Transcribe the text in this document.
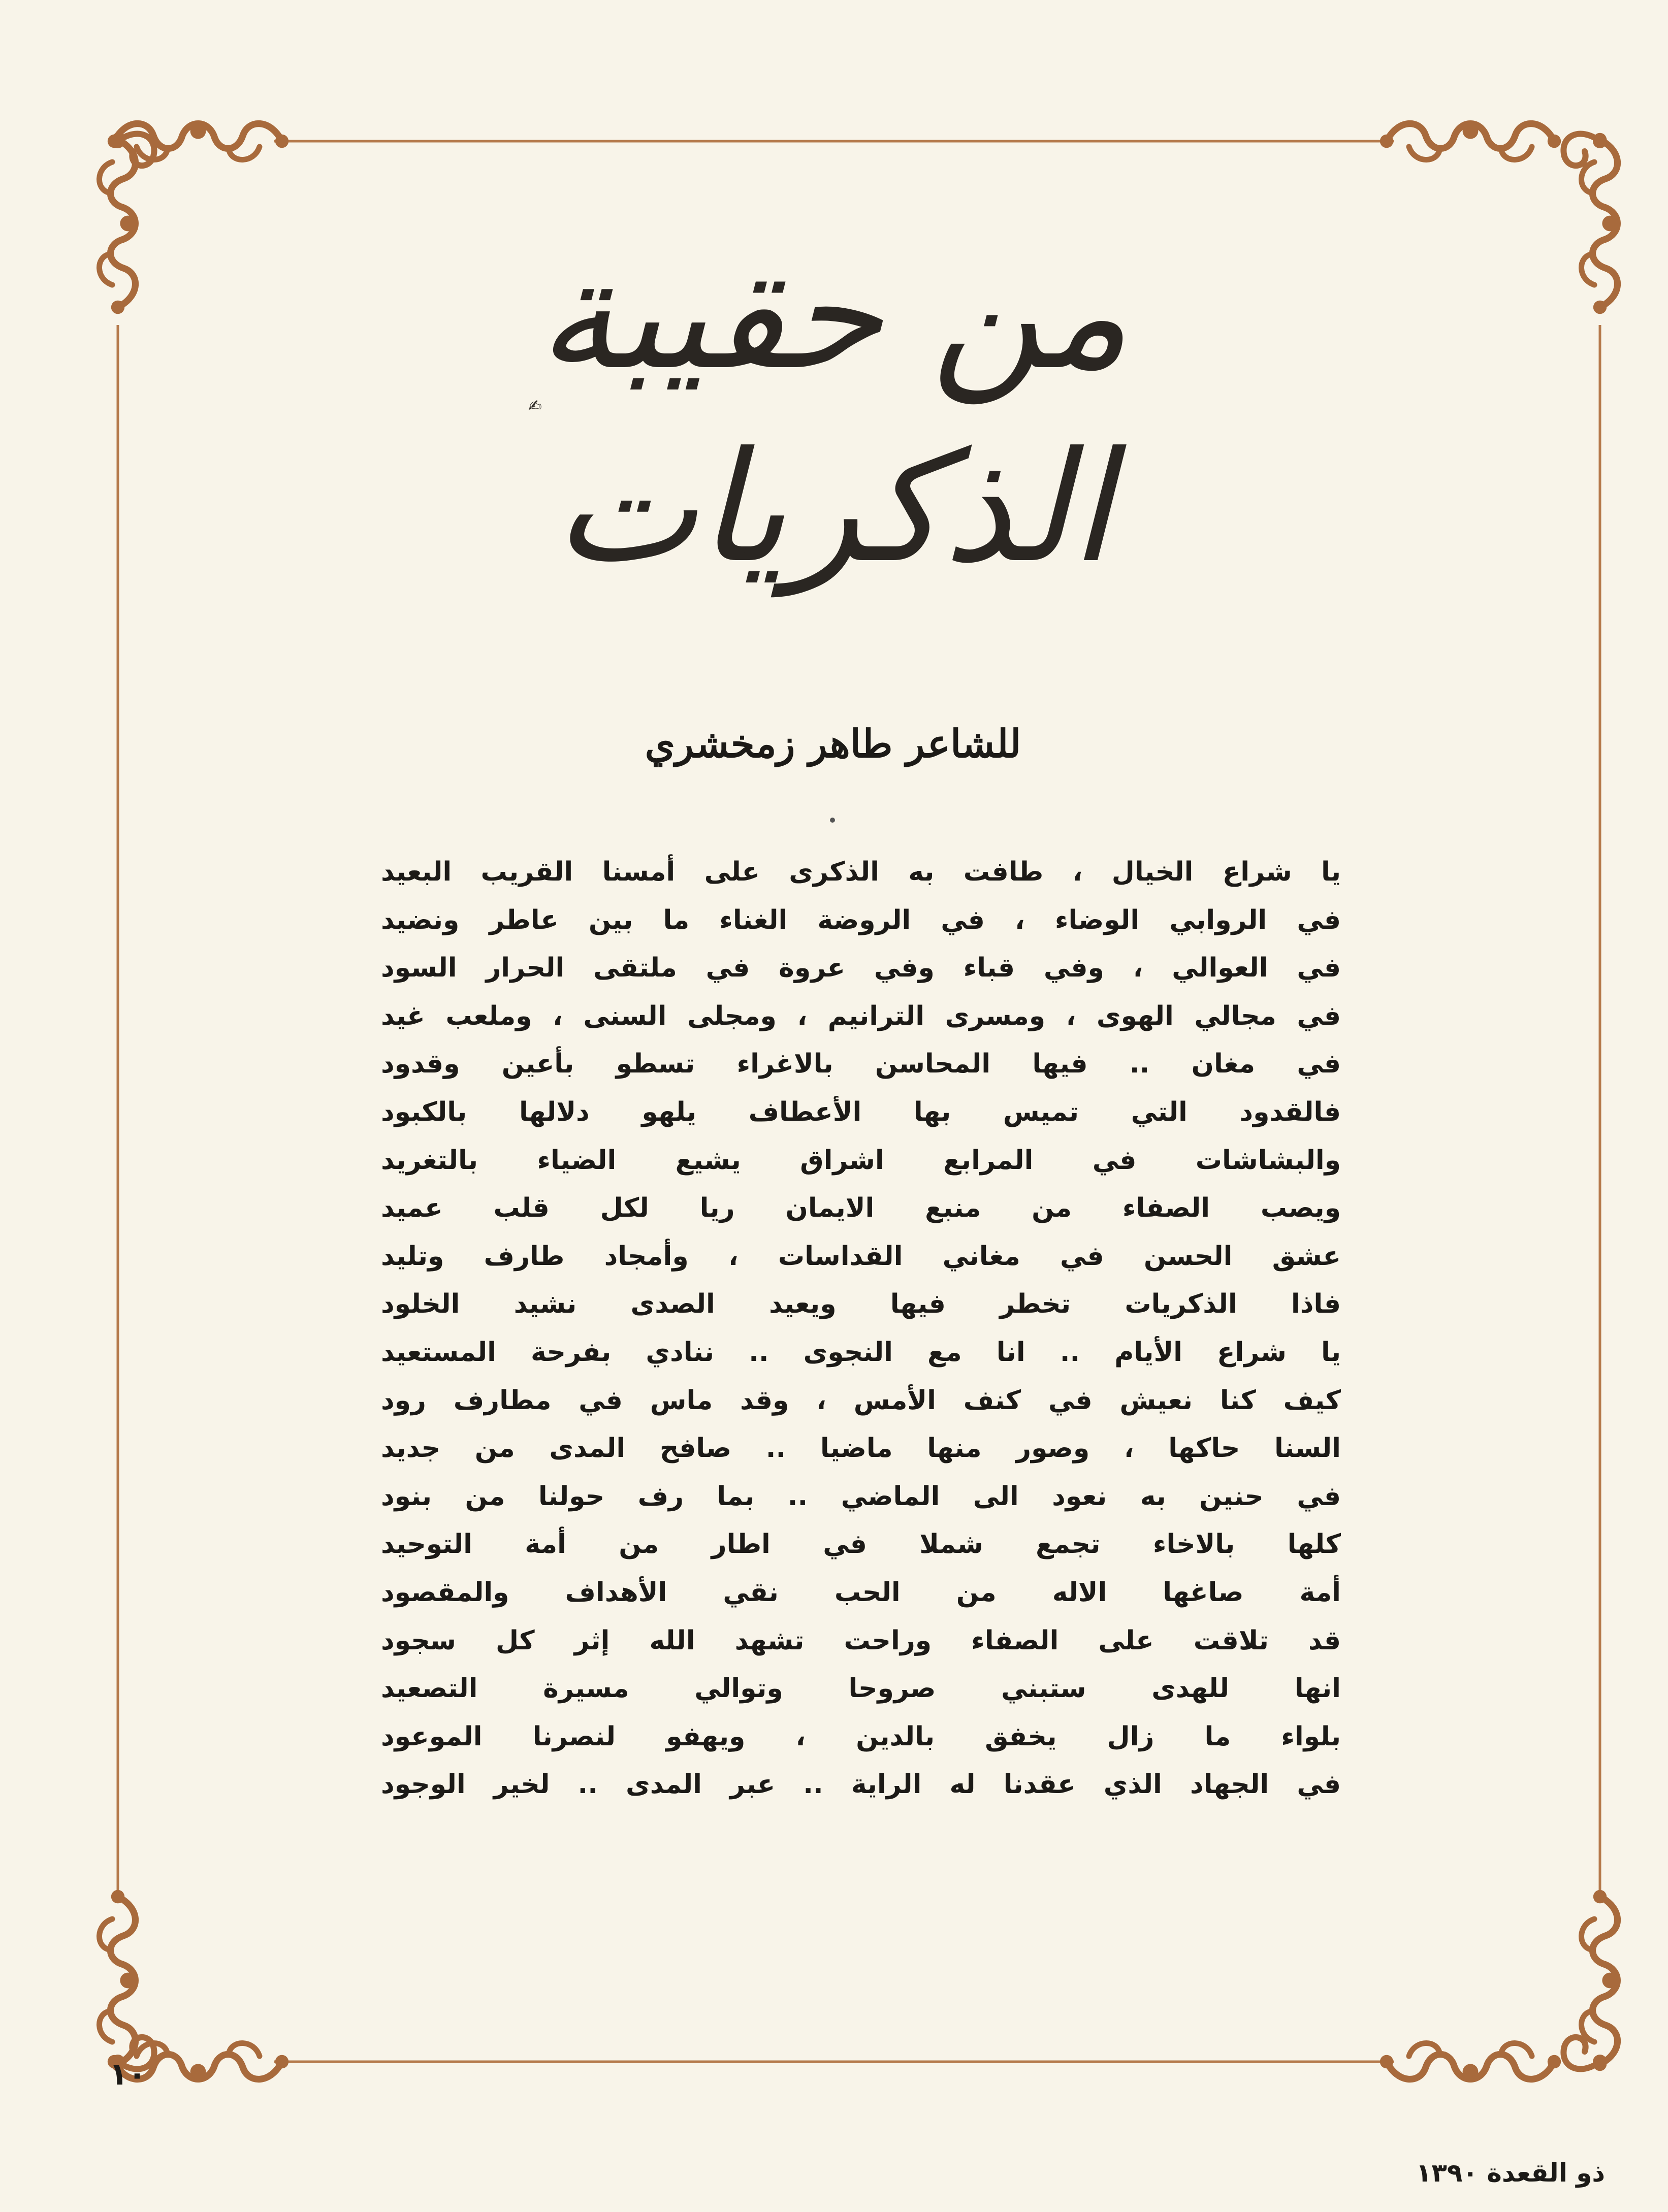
من حقيبة الذكريات
✍
للشاعر طاهر زمخشري
يا شراع الخيال ، طافت به الذكرى على أمسنا القريب البعيد
في الروابي الوضاء ، في الروضة الغناء ما بين عاطر ونضيد
في العوالي ، وفي قباء وفي عروة في ملتقى الحرار السود
في مجالي الهوى ، ومسرى الترانيم ، ومجلى السنى ، وملعب غيد
في مغان .. فيها المحاسن بالاغراء تسطو بأعين وقدود
فالقدود التي تميس بها الأعطاف يلهو دلالها بالكبود
والبشاشات في المرابع اشراق يشيع الضياء بالتغريد
ويصب الصفاء من منبع الايمان ريا لكل قلب عميد
عشق الحسن في مغاني القداسات ، وأمجاد طارف وتليد
فاذا الذكريات تخطر فيها ويعيد الصدى نشيد الخلود
يا شراع الأيام .. انا مع النجوى .. ننادي بفرحة المستعيد
كيف كنا نعيش في كنف الأمس ، وقد ماس في مطارف رود
السنا حاكها ، وصور منها ماضيا .. صافح المدى من جديد
في حنين به نعود الى الماضي .. بما رف حولنا من بنود
كلها بالاخاء تجمع شملا في اطار من أمة التوحيد
أمة صاغها الاله من الحب نقي الأهداف والمقصود
قد تلاقت على الصفاء وراحت تشهد الله إثر كل سجود
انها للهدى ستبني صروحا وتوالي مسيرة التصعيد
بلواء ما زال يخفق بالدين ، ويهفو لنصرنا الموعود
في الجهاد الذي عقدنا له الراية .. عبر المدى .. لخير الوجود
١٠
ذو القعدة ١٣٩٠
